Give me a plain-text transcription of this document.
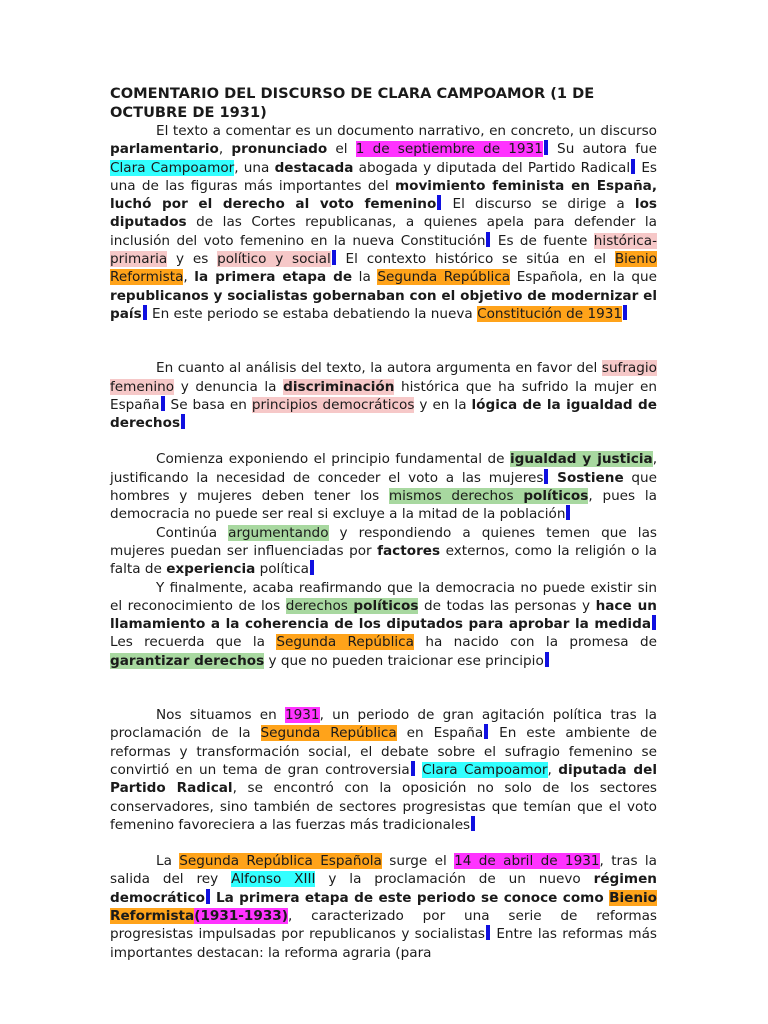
COMENTARIO DEL DISCURSO DE CLARA CAMPOAMOR (1 DE OCTUBRE DE 1931)

El texto a comentar es un documento narrativo, en concreto, un discurso parlamentario, pronunciado el 1 de septiembre de 1931 Su autora fue Clara Campoamor, una destacada abogada y diputada del Partido Radical Es una de las figuras más importantes del movimiento feminista en España, luchó por el derecho al voto femenino El discurso se dirige a los diputados de las Cortes republicanas, a quienes apela para defender la inclusión del voto femenino en la nueva Constitución Es de fuente histórica-primaria y es político y social El contexto histórico se sitúa en el Bienio Reformista, la primera etapa de la Segunda República Española, en la que republicanos y socialistas gobernaban con el objetivo de modernizar el país En este periodo se estaba debatiendo la nueva Constitución de 1931

En cuanto al análisis del texto, la autora argumenta en favor del sufragio femenino y denuncia la discriminación histórica que ha sufrido la mujer en España Se basa en principios democráticos y en la lógica de la igualdad de derechos

Comienza exponiendo el principio fundamental de igualdad y justicia, justificando la necesidad de conceder el voto a las mujeres Sostiene que hombres y mujeres deben tener los mismos derechos políticos, pues la democracia no puede ser real si excluye a la mitad de la población

Continúa argumentando y respondiendo a quienes temen que las mujeres puedan ser influenciadas por factores externos, como la religión o la falta de experiencia política

Y finalmente, acaba reafirmando que la democracia no puede existir sin el reconocimiento de los derechos políticos de todas las personas y hace un llamamiento a la coherencia de los diputados para aprobar la medida Les recuerda que la Segunda República ha nacido con la promesa de garantizar derechos y que no pueden traicionar ese principio

Nos situamos en 1931, un periodo de gran agitación política tras la proclamación de la Segunda República en España En este ambiente de reformas y transformación social, el debate sobre el sufragio femenino se convirtió en un tema de gran controversia Clara Campoamor, diputada del Partido Radical, se encontró con la oposición no solo de los sectores conservadores, sino también de sectores progresistas que temían que el voto femenino favoreciera a las fuerzas más tradicionales

La Segunda República Española surge el 14 de abril de 1931, tras la salida del rey Alfonso XIII y la proclamación de un nuevo régimen democrático La primera etapa de este periodo se conoce como Bienio Reformista(1931-1933), caracterizado por una serie de reformas progresistas impulsadas por republicanos y socialistas Entre las reformas más importantes destacan: la reforma agraria (para
